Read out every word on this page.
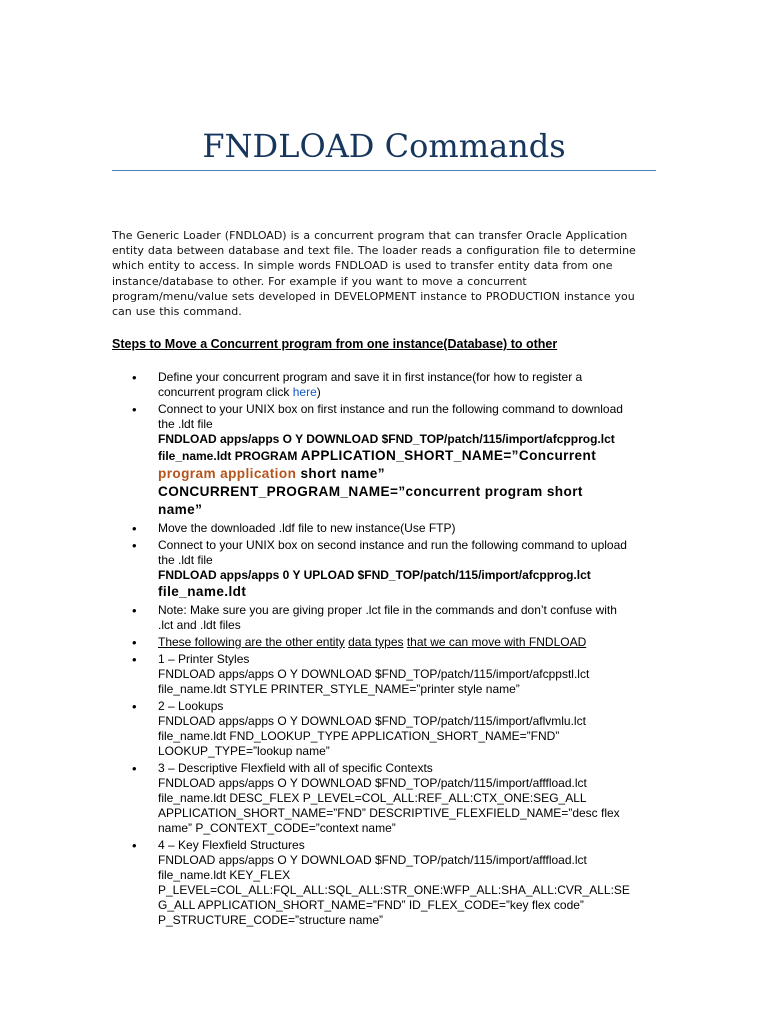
FNDLOAD Commands

The Generic Loader (FNDLOAD) is a concurrent program that can transfer Oracle Application
entity data between database and text file. The loader reads a configuration file to determine
which entity to access. In simple words FNDLOAD is used to transfer entity data from one
instance/database to other. For example if you want to move a concurrent
program/menu/value sets developed in DEVELOPMENT instance to PRODUCTION instance you
can use this command.

Steps to Move a Concurrent program from one instance(Database) to other

•	Define your concurrent program and save it in first instance(for how to register a
concurrent program click here)
•	Connect to your UNIX box on first instance and run the following command to download
the .ldt file
FNDLOAD apps/apps O Y DOWNLOAD $FND_TOP/patch/115/import/afcpprog.lct
file_name.ldt PROGRAM APPLICATION_SHORT_NAME=”Concurrent
program application short name”
CONCURRENT_PROGRAM_NAME=”concurrent program short
name”
•	Move the downloaded .ldf file to new instance(Use FTP)
•	Connect to your UNIX box on second instance and run the following command to upload
the .ldt file
FNDLOAD apps/apps 0 Y UPLOAD $FND_TOP/patch/115/import/afcpprog.lct
file_name.ldt
•	Note: Make sure you are giving proper .lct file in the commands and don’t confuse with
.lct and .ldt files
•	These following are the other entity data types that we can move with FNDLOAD
•	1 – Printer Styles
FNDLOAD apps/apps O Y DOWNLOAD $FND_TOP/patch/115/import/afcppstl.lct
file_name.ldt STYLE PRINTER_STYLE_NAME=”printer style name”
•	2 – Lookups
FNDLOAD apps/apps O Y DOWNLOAD $FND_TOP/patch/115/import/aflvmlu.lct
file_name.ldt FND_LOOKUP_TYPE APPLICATION_SHORT_NAME=”FND”
LOOKUP_TYPE=”lookup name”
•	3 – Descriptive Flexfield with all of specific Contexts
FNDLOAD apps/apps O Y DOWNLOAD $FND_TOP/patch/115/import/afffload.lct
file_name.ldt DESC_FLEX P_LEVEL=COL_ALL:REF_ALL:CTX_ONE:SEG_ALL
APPLICATION_SHORT_NAME=”FND” DESCRIPTIVE_FLEXFIELD_NAME=”desc flex
name” P_CONTEXT_CODE=”context name”
•	4 – Key Flexfield Structures
FNDLOAD apps/apps O Y DOWNLOAD $FND_TOP/patch/115/import/afffload.lct
file_name.ldt KEY_FLEX
P_LEVEL=COL_ALL:FQL_ALL:SQL_ALL:STR_ONE:WFP_ALL:SHA_ALL:CVR_ALL:SE
G_ALL APPLICATION_SHORT_NAME=”FND” ID_FLEX_CODE=”key flex code”
P_STRUCTURE_CODE=”structure name”
